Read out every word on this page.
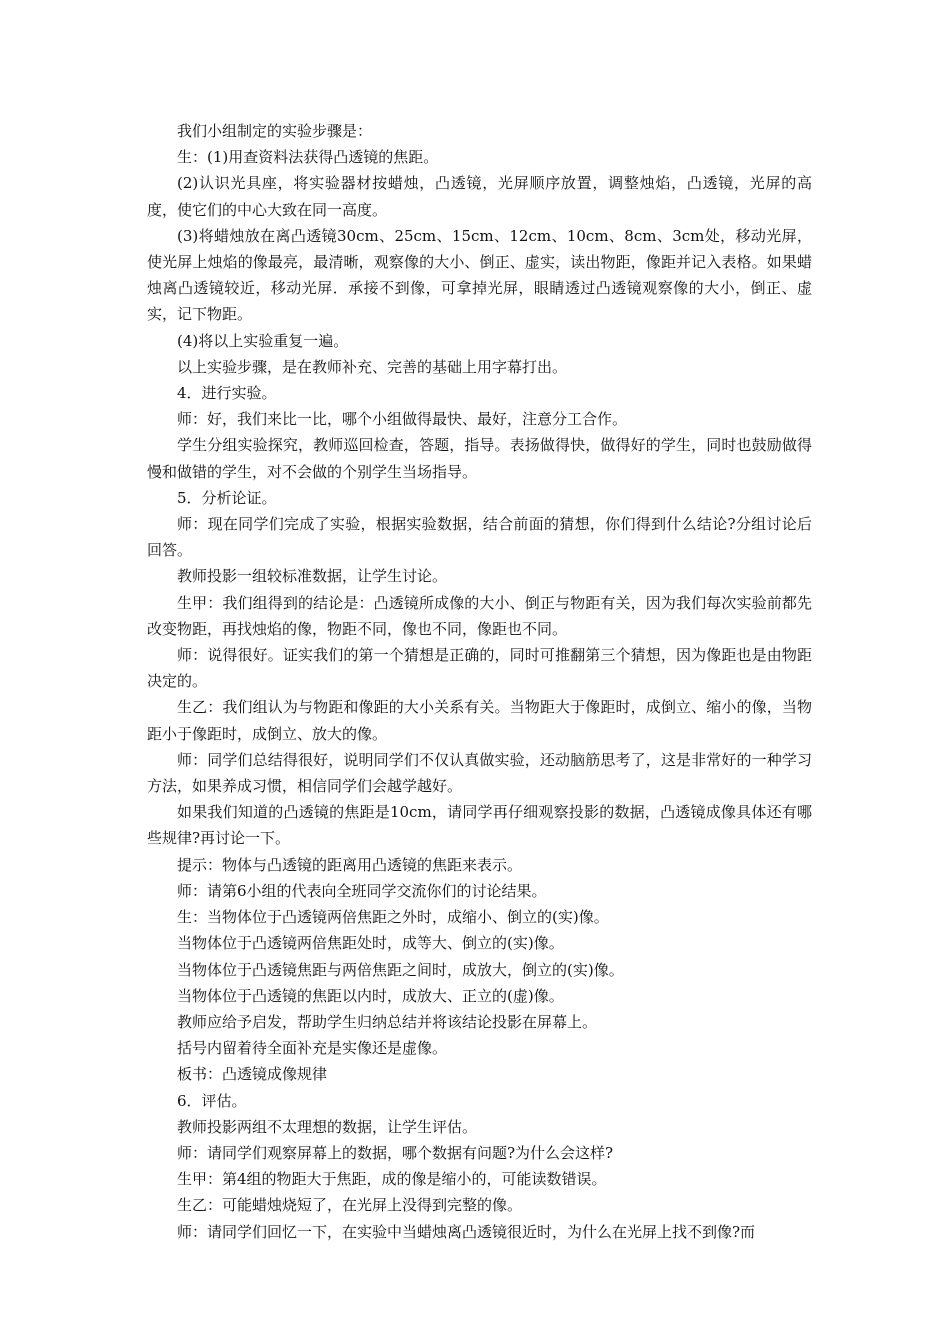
我们小组制定的实验步骤是：

生：(1)用查资料法获得凸透镜的焦距。

(2)认识光具座，将实验器材按蜡烛，凸透镜，光屏顺序放置，调整烛焰，凸透镜，光屏的高度，使它们的中心大致在同一高度。

(3)将蜡烛放在离凸透镜30cm、25cm、15cm、12cm、10cm、8cm、3cm处，移动光屏，使光屏上烛焰的像最亮，最清晰，观察像的大小、倒正、虚实，读出物距，像距并记入表格。如果蜡烛离凸透镜较近，移动光屏．承接不到像，可拿掉光屏，眼睛透过凸透镜观察像的大小，倒正、虚实，记下物距。

(4)将以上实验重复一遍。

以上实验步骤，是在教师补充、完善的基础上用字幕打出。

4．进行实验。

师：好，我们来比一比，哪个小组做得最快、最好，注意分工合作。

学生分组实验探究，教师巡回检查，答题，指导。表扬做得快，做得好的学生，同时也鼓励做得慢和做错的学生，对不会做的个别学生当场指导。

5．分析论证。

师：现在同学们完成了实验，根据实验数据，结合前面的猜想，你们得到什么结论?分组讨论后回答。

教师投影一组较标准数据，让学生讨论。

生甲：我们组得到的结论是：凸透镜所成像的大小、倒正与物距有关，因为我们每次实验前都先改变物距，再找烛焰的像，物距不同，像也不同，像距也不同。

师：说得很好。证实我们的第一个猜想是正确的，同时可推翻第三个猜想，因为像距也是由物距决定的。

生乙：我们组认为与物距和像距的大小关系有关。当物距大于像距时，成倒立、缩小的像，当物距小于像距时，成倒立、放大的像。

师：同学们总结得很好，说明同学们不仅认真做实验，还动脑筋思考了，这是非常好的一种学习方法，如果养成习惯，相信同学们会越学越好。

如果我们知道的凸透镜的焦距是10cm，请同学再仔细观察投影的数据，凸透镜成像具体还有哪些规律?再讨论一下。

提示：物体与凸透镜的距离用凸透镜的焦距来表示。

师：请第6小组的代表向全班同学交流你们的讨论结果。

生：当物体位于凸透镜两倍焦距之外时，成缩小、倒立的(实)像。

当物体位于凸透镜两倍焦距处时，成等大、倒立的(实)像。

当物体位于凸透镜焦距与两倍焦距之间时，成放大，倒立的(实)像。

当物体位于凸透镜的焦距以内时，成放大、正立的(虚)像。

教师应给予启发，帮助学生归纳总结并将该结论投影在屏幕上。

括号内留着待全面补充是实像还是虚像。

板书：凸透镜成像规律

6．评估。

教师投影两组不太理想的数据，让学生评估。

师：请同学们观察屏幕上的数据，哪个数据有问题?为什么会这样?

生甲：第4组的物距大于焦距，成的像是缩小的，可能读数错误。

生乙：可能蜡烛烧短了，在光屏上没得到完整的像。

师：请同学们回忆一下，在实验中当蜡烛离凸透镜很近时，为什么在光屏上找不到像?而
